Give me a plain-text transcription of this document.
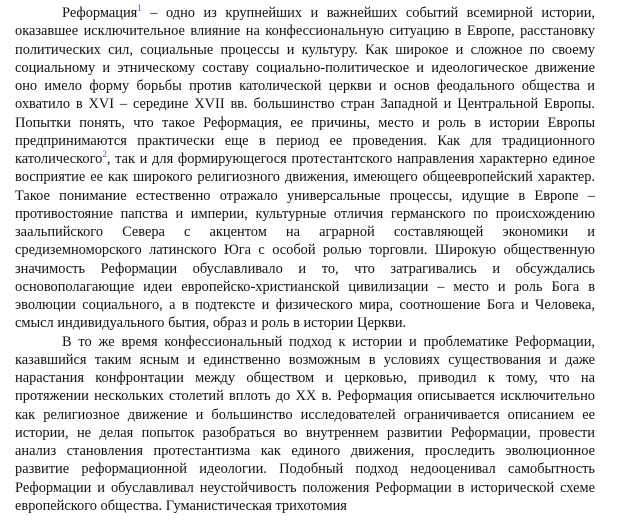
Реформация$^1$ – одно из крупнейших и важнейших событий всемирной истории, оказавшее исключительное влияние на конфессиональную ситуацию в Европе, расстановку политических сил, социальные процессы и культуру. Как широкое и сложное по своему социальному и этническому составу социально-политическое и идеологическое движение оно имело форму борьбы против католической церкви и основ феодального общества и охватило в XVI – середине XVII вв. большинство стран Западной и Центральной Европы. Попытки понять, что такое Реформация, ее причины, место и роль в истории Европы предпринимаются практически еще в период ее проведения. Как для традиционного католического$^2$, так и для формирующегося протестантского направления характерно единое восприятие ее как широкого религиозного движения, имеющего общеевропейский характер. Такое понимание естественно отражало универсальные процессы, идущие в Европе – противостояние папства и империи, культурные отличия германского по происхождению заальпийского Севера с акцентом на аграрной составляющей экономики и средиземноморского латинского Юга с особой ролью торговли. Широкую общественную значимость Реформации обуславливало и то, что затрагивались и обсуждались основополагающие идеи европейско-христианской цивилизации – место и роль Бога в эволюции социального, а в подтексте и физического мира, соотношение Бога и Человека, смысл индивидуального бытия, образ и роль в истории Церкви.

В то же время конфессиональный подход к истории и проблематике Реформации, казавшийся таким ясным и единственно возможным в условиях существования и даже нарастания конфронтации между обществом и церковью, приводил к тому, что на протяжении нескольких столетий вплоть до XX в. Реформация описывается исключительно как религиозное движение и большинство исследователей ограничивается описанием ее истории, не делая попыток разобраться во внутреннем развитии Реформации, провести анализ становления протестантизма как единого движения, проследить эволюционное развитие реформационной идеологии. Подобный подход недооценивал самобытность Реформации и обуславливал неустойчивость положения Реформации в исторической схеме европейского общества. Гуманистическая трихотомия
